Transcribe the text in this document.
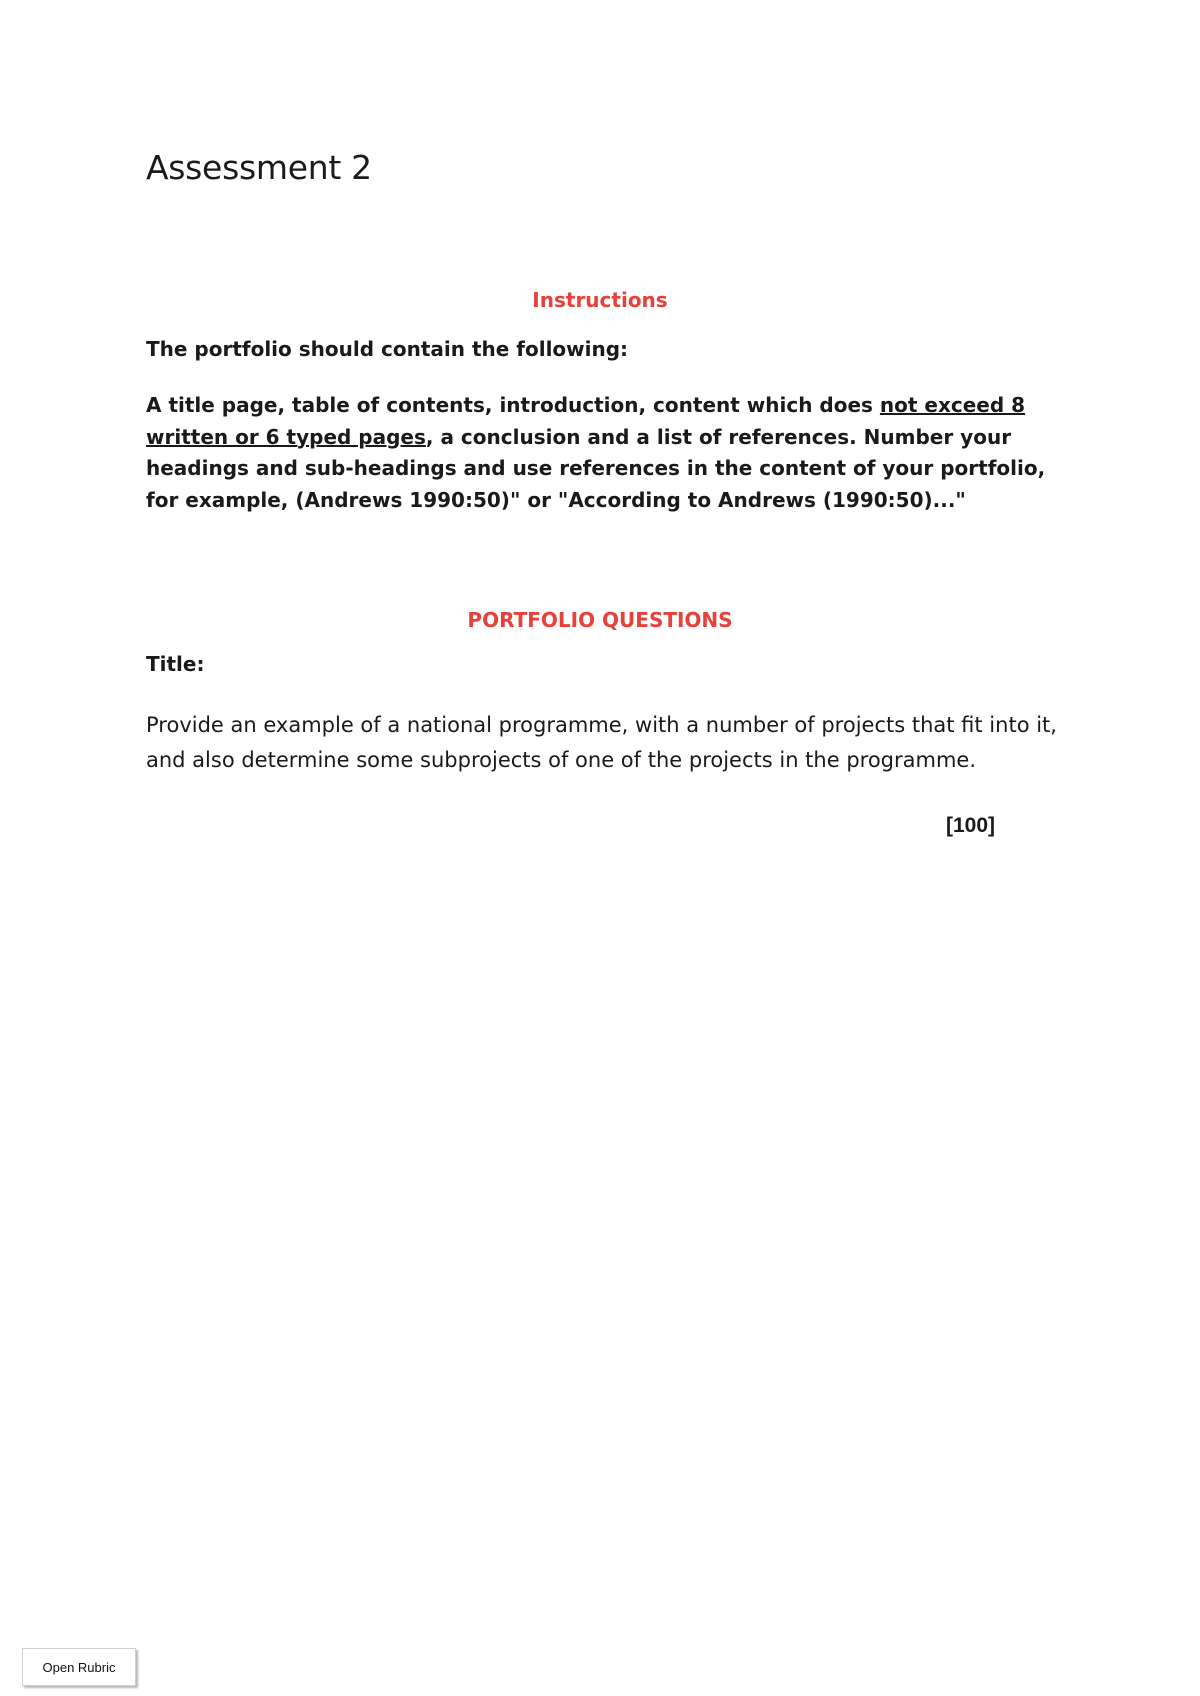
Assessment 2
Instructions

The portfolio should contain the following:

A title page, table of contents, introduction, content which does not exceed 8 written or 6 typed pages, a conclusion and a list of references. Number your headings and sub-headings and use references in the content of your portfolio, for example, (Andrews 1990:50)" or "According to Andrews (1990:50)..."

PORTFOLIO QUESTIONS

Title:

Provide an example of a national programme, with a number of projects that fit into it, and also determine some subprojects of one of the projects in the programme.

[100]

Open Rubric
